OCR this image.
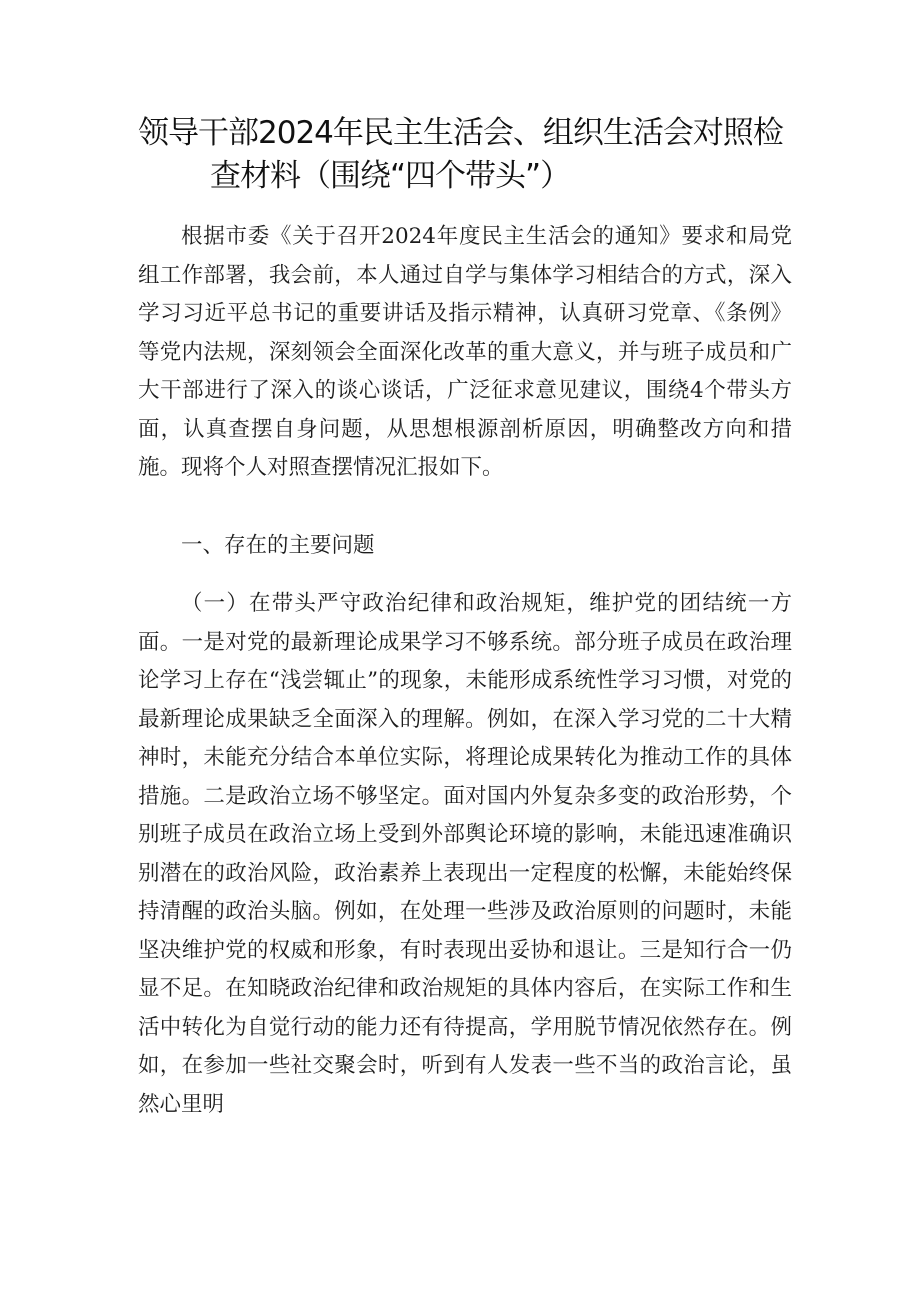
领导干部2024年民主生活会、组织生活会对照检
查材料（围绕“四个带头”）

根据市委《关于召开2024年度民主生活会的通知》要求和局党组工作部署，我会前，本人通过自学与集体学习相结合的方式，深入学习习近平总书记的重要讲话及指示精神，认真研习党章、《条例》等党内法规，深刻领会全面深化改革的重大意义，并与班子成员和广大干部进行了深入的谈心谈话，广泛征求意见建议，围绕4个带头方面，认真查摆自身问题，从思想根源剖析原因，明确整改方向和措施。现将个人对照查摆情况汇报如下。

一、存在的主要问题

（一）在带头严守政治纪律和政治规矩，维护党的团结统一方面。一是对党的最新理论成果学习不够系统。部分班子成员在政治理论学习上存在“浅尝辄止”的现象，未能形成系统性学习习惯，对党的最新理论成果缺乏全面深入的理解。例如，在深入学习党的二十大精神时，未能充分结合本单位实际，将理论成果转化为推动工作的具体措施。二是政治立场不够坚定。面对国内外复杂多变的政治形势，个别班子成员在政治立场上受到外部舆论环境的影响，未能迅速准确识别潜在的政治风险，政治素养上表现出一定程度的松懈，未能始终保持清醒的政治头脑。例如，在处理一些涉及政治原则的问题时，未能坚决维护党的权威和形象，有时表现出妥协和退让。三是知行合一仍显不足。在知晓政治纪律和政治规矩的具体内容后，在实际工作和生活中转化为自觉行动的能力还有待提高，学用脱节情况依然存在。例如，在参加一些社交聚会时，听到有人发表一些不当的政治言论，虽然心里明
